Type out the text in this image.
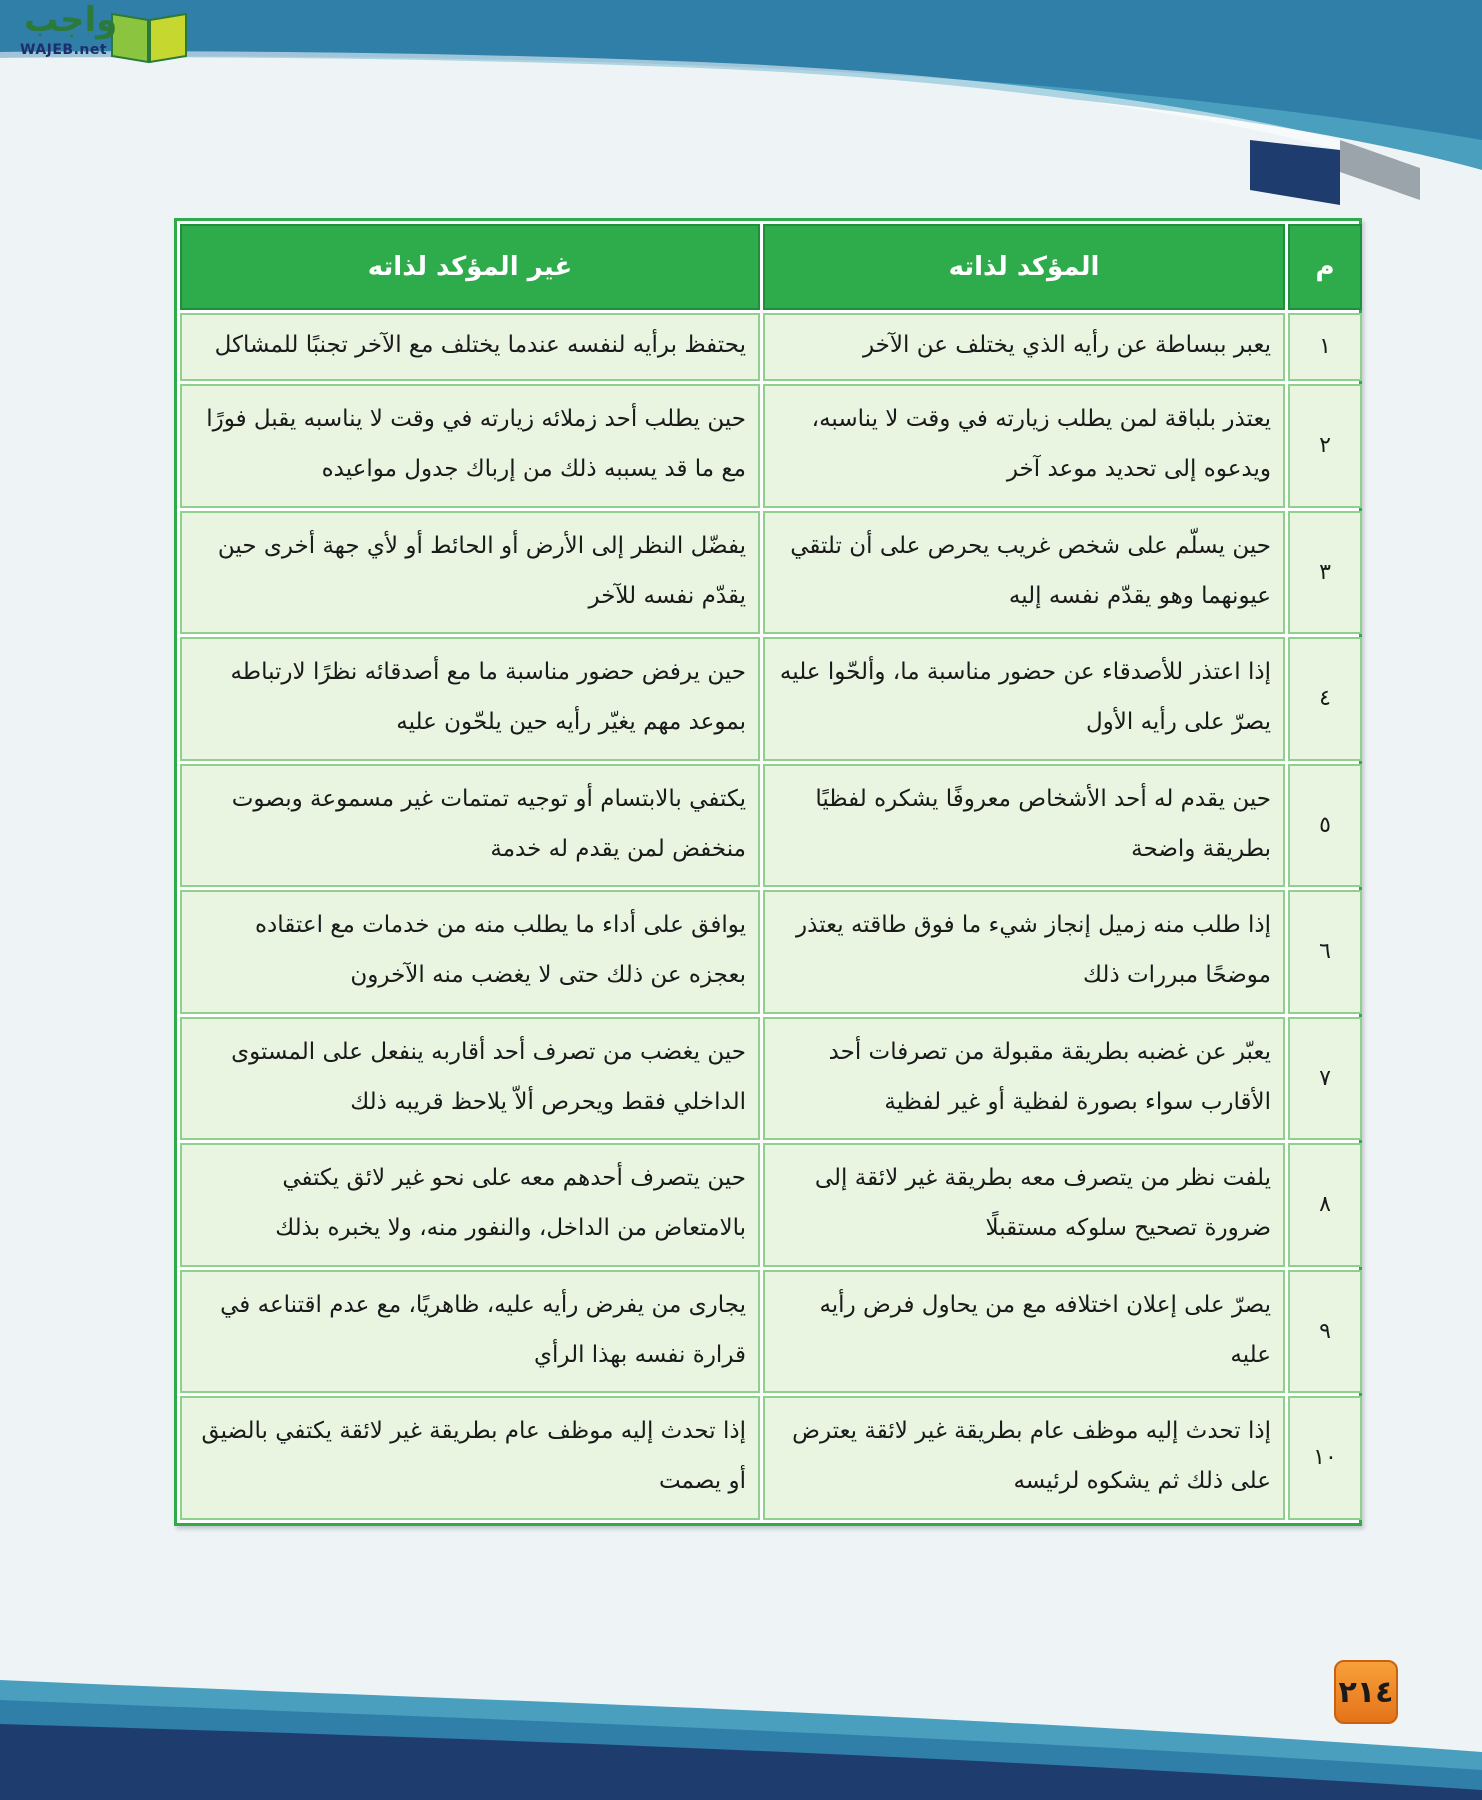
واجب
WAJEB.net
م	المؤكد لذاته	غير المؤكد لذاته
١	يعبر ببساطة عن رأيه الذي يختلف عن الآخر	يحتفظ برأيه لنفسه عندما يختلف مع الآخر تجنبًا للمشاكل
٢	يعتذر بلباقة لمن يطلب زيارته في وقت لا يناسبه، ويدعوه إلى تحديد موعد آخر	حين يطلب أحد زملائه زيارته في وقت لا يناسبه يقبل فورًا مع ما قد يسببه ذلك من إرباك جدول مواعيده
٣	حين يسلّم على شخص غريب يحرص على أن تلتقي عيونهما وهو يقدّم نفسه إليه	يفضّل النظر إلى الأرض أو الحائط أو لأي جهة أخرى حين يقدّم نفسه للآخر
٤	إذا اعتذر للأصدقاء عن حضور مناسبة ما، وألحّوا عليه يصرّ على رأيه الأول	حين يرفض حضور مناسبة ما مع أصدقائه نظرًا لارتباطه بموعد مهم يغيّر رأيه حين يلحّون عليه
٥	حين يقدم له أحد الأشخاص معروفًا يشكره لفظيًا بطريقة واضحة	يكتفي بالابتسام أو توجيه تمتمات غير مسموعة وبصوت منخفض لمن يقدم له خدمة
٦	إذا طلب منه زميل إنجاز شيء ما فوق طاقته يعتذر موضحًا مبررات ذلك	يوافق على أداء ما يطلب منه من خدمات مع اعتقاده بعجزه عن ذلك حتى لا يغضب منه الآخرون
٧	يعبّر عن غضبه بطريقة مقبولة من تصرفات أحد الأقارب سواء بصورة لفظية أو غير لفظية	حين يغضب من تصرف أحد أقاربه ينفعل على المستوى الداخلي فقط ويحرص ألاّ يلاحظ قريبه ذلك
٨	يلفت نظر من يتصرف معه بطريقة غير لائقة إلى ضرورة تصحيح سلوكه مستقبلًا	حين يتصرف أحدهم معه على نحو غير لائق يكتفي بالامتعاض من الداخل، والنفور منه، ولا يخبره بذلك
٩	يصرّ على إعلان اختلافه مع من يحاول فرض رأيه عليه	يجارى من يفرض رأيه عليه، ظاهريًا، مع عدم اقتناعه في قرارة نفسه بهذا الرأي
١٠	إذا تحدث إليه موظف عام بطريقة غير لائقة يعترض على ذلك ثم يشكوه لرئيسه	إذا تحدث إليه موظف عام بطريقة غير لائقة يكتفي بالضيق أو يصمت
٢١٤
